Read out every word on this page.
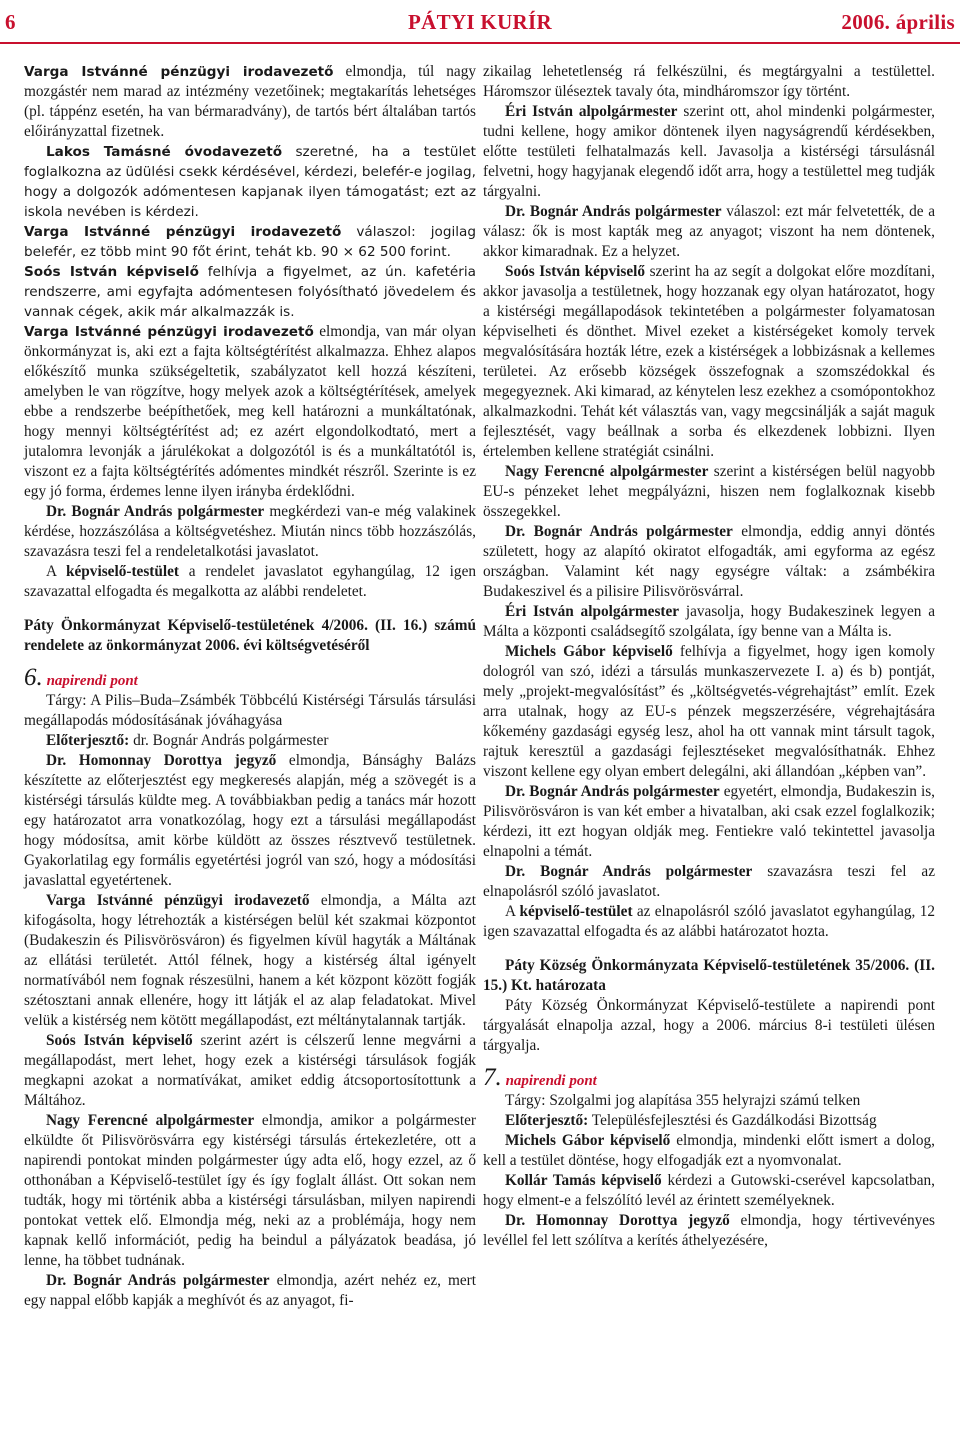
6	PÁTYI KURÍR	2006. április

Varga Istvánné pénzügyi irodavezető elmondja, túl nagy mozgástér nem marad az intézmény vezetőinek; megtakarítás lehetséges (pl. táppénz esetén, ha van bérmaradvány), de tartós bért általában tartós előirányzattal fizetnek.

Lakos Tamásné óvodavezető szeretné, ha a testület foglalkozna az üdülési csekk kérdésével, kérdezi, belefér-e jogilag, hogy a dolgozók adómentesen kapjanak ilyen támogatást; ezt az iskola nevében is kérdezi.

Varga Istvánné pénzügyi irodavezető válaszol: jogilag belefér, ez több mint 90 főt érint, tehát kb. 90 × 62 500 forint.

Soós István képviselő felhívja a figyelmet, az ún. kafetéria rendszerre, ami egyfajta adómentesen folyósítható jövedelem és vannak cégek, akik már alkalmazzák is.

Varga Istvánné pénzügyi irodavezető elmondja, van már olyan önkormányzat is, aki ezt a fajta költségtérítést alkalmazza. Ehhez alapos előkészítő munka szükségeltetik, szabályzatot kell hozzá készíteni, amelyben le van rögzítve, hogy melyek azok a költségtérítések, amelyek ebbe a rendszerbe beépíthetőek, meg kell határozni a munkáltatónak, hogy mennyi költségtérítést ad; ez azért elgondolkodtató, mert a jutalomra levonják a járulékokat a dolgozótól is és a munkáltatótól is, viszont ez a fajta költségtérítés adómentes mindkét részről. Szerinte is ez egy jó forma, érdemes lenne ilyen irányba érdeklődni.

Dr. Bognár András polgármester megkérdezi van-e még valakinek kérdése, hozzászólása a költségvetéshez. Miután nincs több hozzászólás, szavazásra teszi fel a rendeletalkotási javaslatot.

A képviselő-testület a rendelet javaslatot egyhangúlag, 12 igen szavazattal elfogadta és megalkotta az alábbi rendeletet.

Páty Önkormányzat Képviselő-testületének 4/2006. (II. 16.) számú rendelete az önkormányzat 2006. évi költségvetéséről

6. napirendi pont

Tárgy: A Pilis–Buda–Zsámbék Többcélú Kistérségi Társulás társulási megállapodás módosításának jóváhagyása

Előterjesztő: dr. Bognár András polgármester

Dr. Homonnay Dorottya jegyző elmondja, Bánsághy Balázs készítette az előterjesztést egy megkeresés alapján, még a szövegét is a kistérségi társulás küldte meg. A továbbiakban pedig a tanács már hozott egy határozatot arra vonatkozólag, hogy ezt a társulási megállapodást hogy módosítsa, amit körbe küldött az összes résztvevő testületnek. Gyakorlatilag egy formális egyetértési jogról van szó, hogy a módosítási javaslattal egyetértenek.

Varga Istvánné pénzügyi irodavezető elmondja, a Málta azt kifogásolta, hogy létrehozták a kistérségen belül két szakmai központot (Budakeszin és Pilisvörösváron) és figyelmen kívül hagyták a Máltának az ellátási területét. Attól félnek, hogy a kistérség által igényelt normatívából nem fognak részesülni, hanem a két központ között fogják szétosztani annak ellenére, hogy itt látják el az alap feladatokat. Mivel velük a kistérség nem kötött megállapodást, ezt méltánytalannak tartják.

Soós István képviselő szerint azért is célszerű lenne megvárni a megállapodást, mert lehet, hogy ezek a kistérségi társulások fogják megkapni azokat a normatívákat, amiket eddig átcsoportosítottunk a Máltához.

Nagy Ferencné alpolgármester elmondja, amikor a polgármester elküldte őt Pilisvörösvárra egy kistérségi társulás értekezletére, ott a napirendi pontokat minden polgármester úgy adta elő, hogy ezzel, az ő otthonában a Képviselő-testület így és így foglalt állást. Ott sokan nem tudták, hogy mi történik abba a kistérségi társulásban, milyen napirendi pontokat vettek elő. Elmondja még, neki az a problémája, hogy nem kapnak kellő információt, pedig ha beindul a pályázatok beadása, jó lenne, ha többet tudnának.

Dr. Bognár András polgármester elmondja, azért nehéz ez, mert egy nappal előbb kapják a meghívót és az anyagot, fi-

zikailag lehetetlenség rá felkészülni, és megtárgyalni a testülettel. Háromszor üléseztek tavaly óta, mindháromszor így történt.

Éri István alpolgármester szerint ott, ahol mindenki polgármester, tudni kellene, hogy amikor döntenek ilyen nagyságrendű kérdésekben, előtte testületi felhatalmazás kell. Javasolja a kistérségi társulásnál felvetni, hogy hagyjanak elegendő időt arra, hogy a testülettel meg tudják tárgyalni.

Dr. Bognár András polgármester válaszol: ezt már felvetették, de a válasz: ők is most kapták meg az anyagot; viszont ha nem döntenek, akkor kimaradnak. Ez a helyzet.

Soós István képviselő szerint ha az segít a dolgokat előre mozdítani, akkor javasolja a testületnek, hogy hozzanak egy olyan határozatot, hogy a kistérségi megállapodások tekintetében a polgármester folyamatosan képviselheti és dönthet. Mivel ezeket a kistérségeket komoly tervek megvalósítására hozták létre, ezek a kistérségek a lobbizásnak a kellemes területei. Az erősebb községek összefognak a szomszédokkal és megegyeznek. Aki kimarad, az kénytelen lesz ezekhez a csomópontokhoz alkalmazkodni. Tehát két választás van, vagy megcsinálják a saját maguk fejlesztését, vagy beállnak a sorba és elkezdenek lobbizni. Ilyen értelemben kellene stratégiát csinálni.

Nagy Ferencné alpolgármester szerint a kistérségen belül nagyobb EU-s pénzeket lehet megpályázni, hiszen nem foglalkoznak kisebb összegekkel.

Dr. Bognár András polgármester elmondja, eddig annyi döntés született, hogy az alapító okiratot elfogadták, ami egyforma az egész országban. Valamint két nagy egységre váltak: a zsámbékira Budakeszivel és a pilisire Pilisvörösvárral.

Éri István alpolgármester javasolja, hogy Budakeszinek legyen a Málta a központi családsegítő szolgálata, így benne van a Málta is.

Michels Gábor képviselő felhívja a figyelmet, hogy igen komoly dologról van szó, idézi a társulás munkaszervezete I. a) és b) pontját, mely „projekt-megvalósítást” és „költségvetés-végrehajtást” említ. Ezek arra utalnak, hogy az EU-s pénzek megszerzésére, végrehajtására kőkemény gazdasági egység lesz, ahol ha ott vannak mint társult tagok, rajtuk keresztül a gazdasági fejlesztéseket megvalósíthatnák. Ehhez viszont kellene egy olyan embert delegálni, aki állandóan „képben van”.

Dr. Bognár András polgármester egyetért, elmondja, Budakeszin is, Pilisvörösváron is van két ember a hivatalban, aki csak ezzel foglalkozik; kérdezi, itt ezt hogyan oldják meg. Fentiekre való tekintettel javasolja elnapolni a témát.

Dr. Bognár András polgármester szavazásra teszi fel az elnapolásról szóló javaslatot.

A képviselő-testület az elnapolásról szóló javaslatot egyhangúlag, 12 igen szavazattal elfogadta és az alábbi határozatot hozta.

Páty Község Önkormányzata Képviselő-testületének 35/2006. (II. 15.) Kt. határozata

Páty Község Önkormányzat Képviselő-testülete a napirendi pont tárgyalását elnapolja azzal, hogy a 2006. március 8-i testületi ülésen tárgyalja.

7. napirendi pont

Tárgy: Szolgalmi jog alapítása 355 helyrajzi számú telken

Előterjesztő: Településfejlesztési és Gazdálkodási Bizottság

Michels Gábor képviselő elmondja, mindenki előtt ismert a dolog, kell a testület döntése, hogy elfogadják ezt a nyomvonalat.

Kollár Tamás képviselő kérdezi a Gutowski-cserével kapcsolatban, hogy elment-e a felszólító levél az érintett személyeknek.

Dr. Homonnay Dorottya jegyző elmondja, hogy tértivevényes levéllel fel lett szólítva a kerítés áthelyezésére,
